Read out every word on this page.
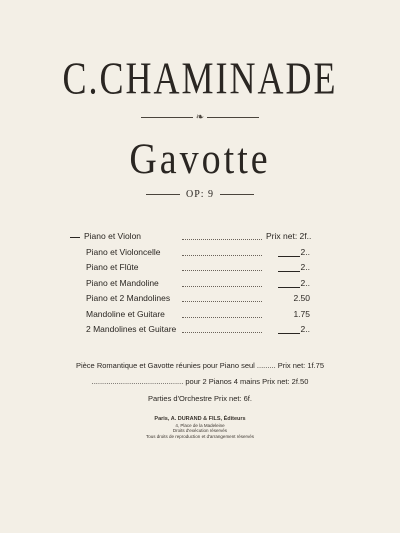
C.CHAMINADE
❧
Gavotte
OP: 9
Piano et Violon	Prix net: 2f..
Piano et Violoncelle	2..
Piano et Flûte	2..
Piano et Mandoline	2..
Piano et 2 Mandolines	2.50
Mandoline et Guitare	1.75
2 Mandolines et Guitare	2..
Pièce Romantique et Gavotte réunies pour Piano seul ......... Prix net: 1f.75
............................................ pour 2 Pianos 4 mains Prix net: 2f.50
Parties d'Orchestre Prix net: 6f.
Paris, A. DURAND & FILS, Éditeurs
4, Place de la Madeleine
Droits d'exécution réservés
Tous droits de reproduction et d'arrangement réservés
